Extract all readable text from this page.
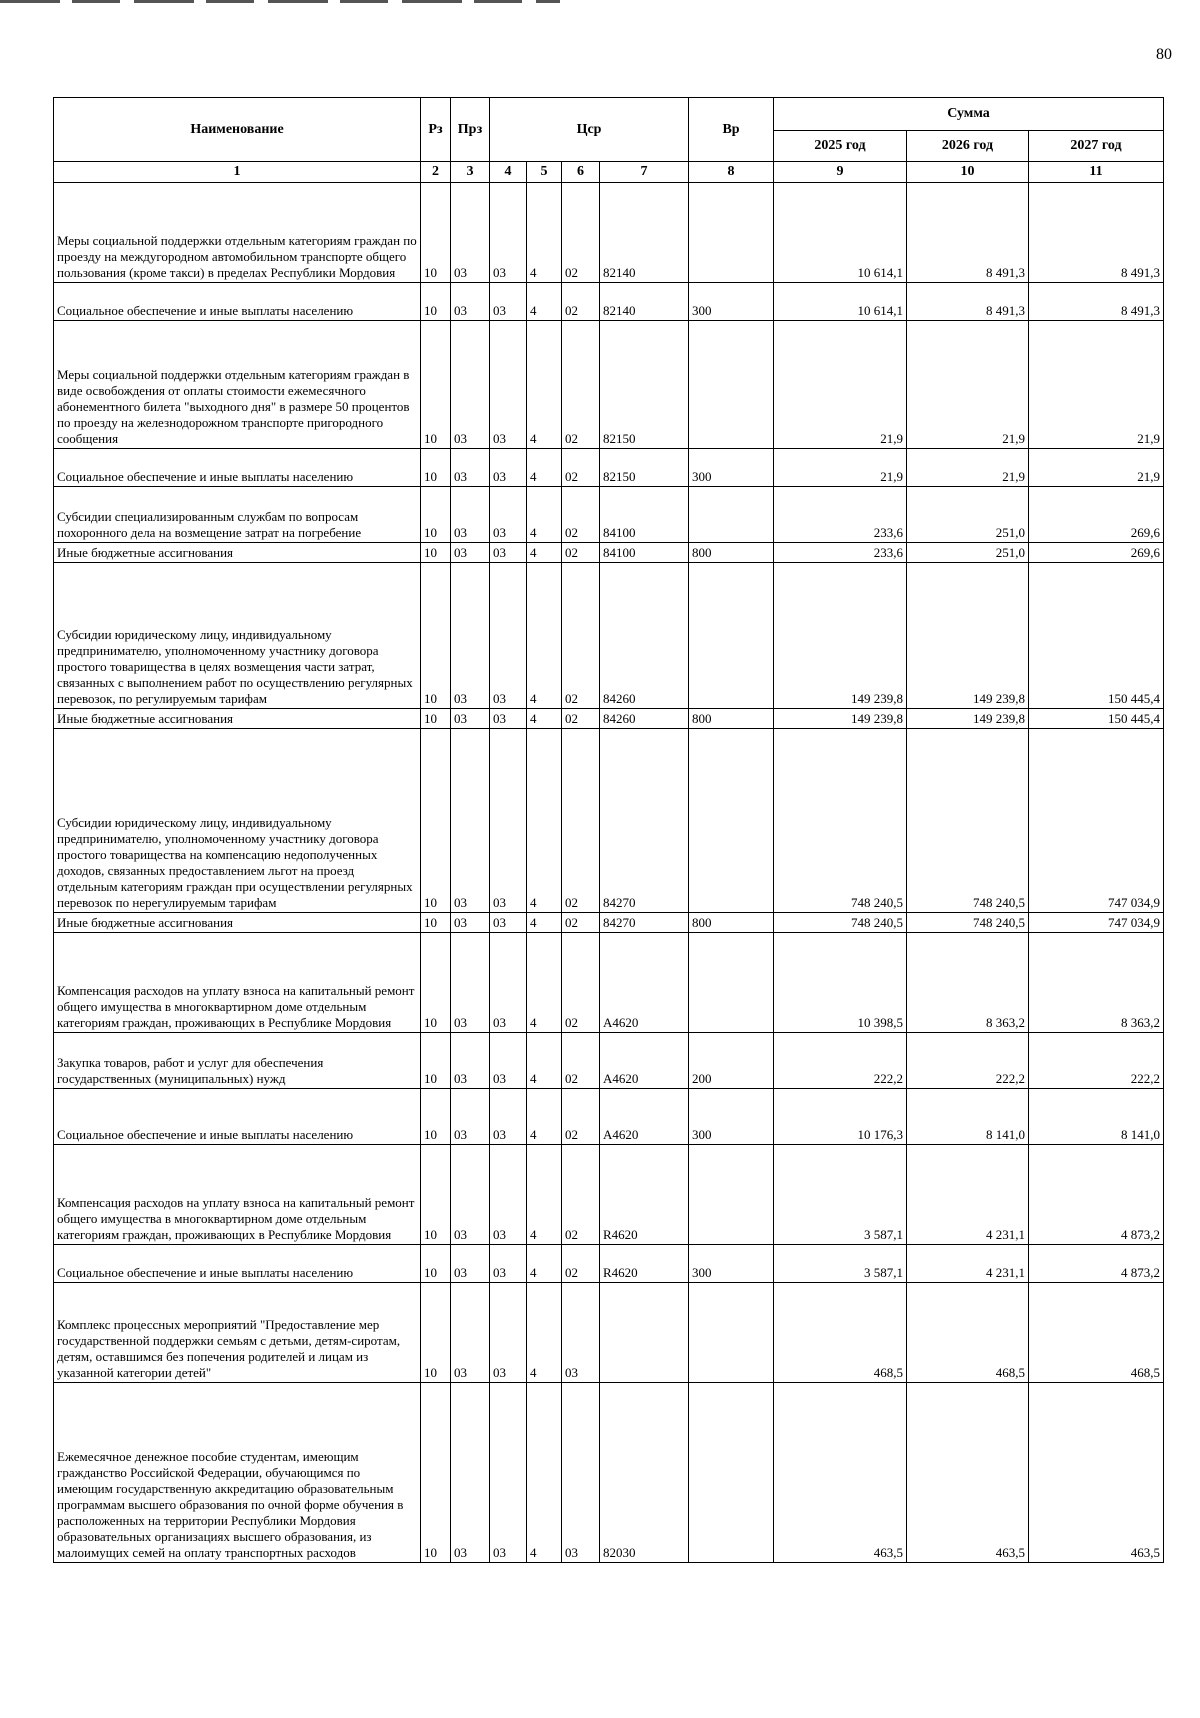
80
Наименование	Рз	Прз	Цср				Вр	Сумма		
								2025 год	2026 год	2027 год
1	2	3	4	5	6	7	8	9	10	11
Меры социальной поддержки отдельным категориям граждан по проезду на междугородном автомобильном транспорте общего пользования (кроме такси) в пределах Республики Мордовия	10	03	03	4	02	82140		10 614,1	8 491,3	8 491,3
Социальное обеспечение и иные выплаты населению	10	03	03	4	02	82140	300	10 614,1	8 491,3	8 491,3
Меры социальной поддержки отдельным категориям граждан в виде освобождения от оплаты стоимости ежемесячного абонементного билета "выходного дня" в размере 50 процентов по проезду на железнодорожном транспорте пригородного сообщения	10	03	03	4	02	82150		21,9	21,9	21,9
Социальное обеспечение и иные выплаты населению	10	03	03	4	02	82150	300	21,9	21,9	21,9
Субсидии специализированным службам по вопросам похоронного дела на возмещение затрат на погребение	10	03	03	4	02	84100		233,6	251,0	269,6
Иные бюджетные ассигнования	10	03	03	4	02	84100	800	233,6	251,0	269,6
Субсидии юридическому лицу, индивидуальному предпринимателю, уполномоченному участнику договора простого товарищества в целях возмещения части затрат, связанных с выполнением работ по осуществлению регулярных перевозок, по регулируемым тарифам	10	03	03	4	02	84260		149 239,8	149 239,8	150 445,4
Иные бюджетные ассигнования	10	03	03	4	02	84260	800	149 239,8	149 239,8	150 445,4
Субсидии юридическому лицу, индивидуальному предпринимателю, уполномоченному участнику договора простого товарищества на компенсацию недополученных доходов, связанных предоставлением льгот на проезд отдельным категориям граждан при осуществлении регулярных перевозок по нерегулируемым тарифам	10	03	03	4	02	84270		748 240,5	748 240,5	747 034,9
Иные бюджетные ассигнования	10	03	03	4	02	84270	800	748 240,5	748 240,5	747 034,9
Компенсация расходов на уплату взноса на капитальный ремонт общего имущества в многоквартирном доме отдельным категориям граждан, проживающих в Республике Мордовия	10	03	03	4	02	А4620		10 398,5	8 363,2	8 363,2
Закупка товаров, работ и услуг для обеспечения государственных (муниципальных) нужд	10	03	03	4	02	А4620	200	222,2	222,2	222,2
Социальное обеспечение и иные выплаты населению	10	03	03	4	02	А4620	300	10 176,3	8 141,0	8 141,0
Компенсация расходов на уплату взноса на капитальный ремонт общего имущества в многоквартирном доме отдельным категориям граждан, проживающих в Республике Мордовия	10	03	03	4	02	R4620		3 587,1	4 231,1	4 873,2
Социальное обеспечение и иные выплаты населению	10	03	03	4	02	R4620	300	3 587,1	4 231,1	4 873,2
Комплекс процессных мероприятий "Предоставление мер государственной поддержки семьям с детьми, детям-сиротам, детям, оставшимся без попечения родителей и лицам из указанной категории детей"	10	03	03	4	03			468,5	468,5	468,5
Ежемесячное денежное пособие студентам, имеющим гражданство Российской Федерации, обучающимся по имеющим государственную аккредитацию образовательным программам высшего образования по очной форме обучения в расположенных на территории Республики Мордовия образовательных организациях высшего образования, из малоимущих семей на оплату транспортных расходов	10	03	03	4	03	82030		463,5	463,5	463,5
